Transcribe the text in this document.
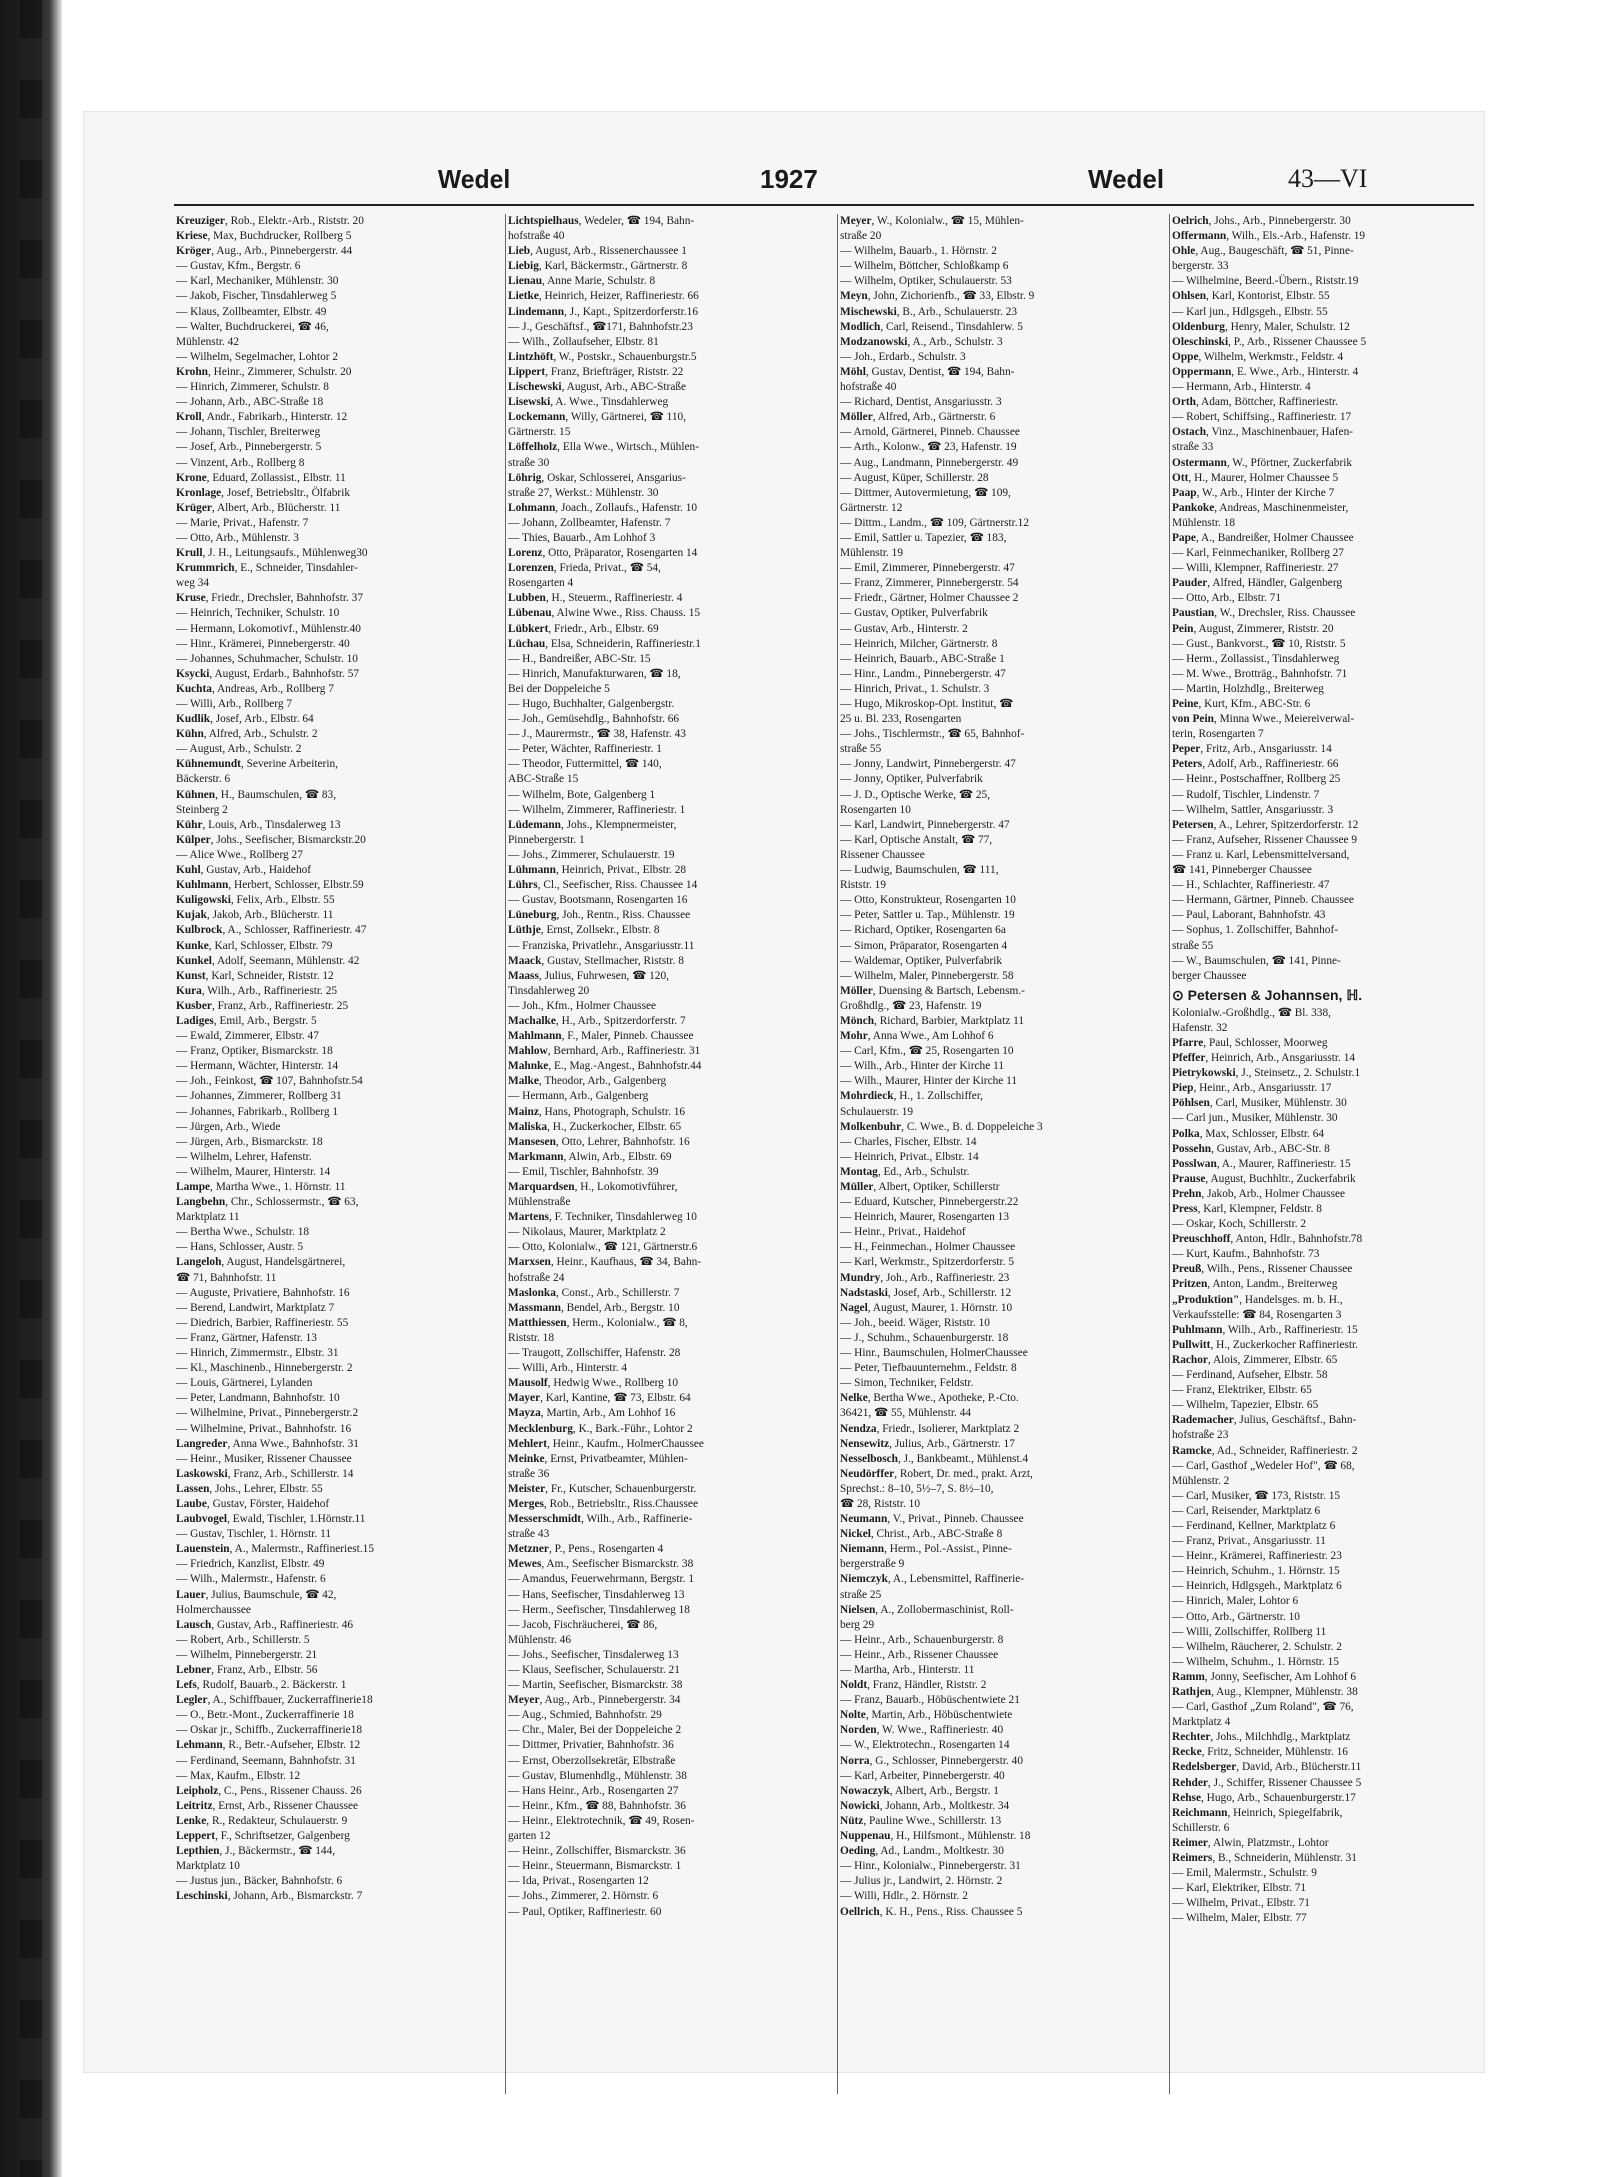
Wedel	1927	Wedel	43—VI
Kreuziger, Rob., Elektr.-Arb., Riststr. 20
Kriese, Max, Buchdrucker, Rollberg 5
Kröger, Aug., Arb., Pinnebergerstr. 44
— Gustav, Kfm., Bergstr. 6
— Karl, Mechaniker, Mühlenstr. 30
— Jakob, Fischer, Tinsdahlerweg 5
— Klaus, Zollbeamter, Elbstr. 49
— Walter, Buchdruckerei, ☎ 46,
Mühlenstr. 42
— Wilhelm, Segelmacher, Lohtor 2
Krohn, Heinr., Zimmerer, Schulstr. 20
— Hinrich, Zimmerer, Schulstr. 8
— Johann, Arb., ABC-Straße 18
Kroll, Andr., Fabrikarb., Hinterstr. 12
— Johann, Tischler, Breiterweg
— Josef, Arb., Pinnebergerstr. 5
— Vinzent, Arb., Rollberg 8
Krone, Eduard, Zollassist., Elbstr. 11
Kronlage, Josef, Betriebsltr., Ölfabrik
Krüger, Albert, Arb., Blücherstr. 11
— Marie, Privat., Hafenstr. 7
— Otto, Arb., Mühlenstr. 3
Krull, J. H., Leitungsaufs., Mühlenweg30
Krummrich, E., Schneider, Tinsdahler-
weg 34
Kruse, Friedr., Drechsler, Bahnhofstr. 37
— Heinrich, Techniker, Schulstr. 10
— Hermann, Lokomotivf., Mühlenstr.40
— Hinr., Krämerei, Pinnebergerstr. 40
— Johannes, Schuhmacher, Schulstr. 10
Ksycki, August, Erdarb., Bahnhofstr. 57
Kuchta, Andreas, Arb., Rollberg 7
— Willi, Arb., Rollberg 7
Kudlik, Josef, Arb., Elbstr. 64
Kühn, Alfred, Arb., Schulstr. 2
— August, Arb., Schulstr. 2
Kühnemundt, Severine Arbeiterin,
Bäckerstr. 6
Kühnen, H., Baumschulen, ☎ 83,
Steinberg 2
Kühr, Louis, Arb., Tinsdalerweg 13
Külper, Johs., Seefischer, Bismarckstr.20
— Alice Wwe., Rollberg 27
Kuhl, Gustav, Arb., Haidehof
Kuhlmann, Herbert, Schlosser, Elbstr.59
Kuligowski, Felix, Arb., Elbstr. 55
Kujak, Jakob, Arb., Blücherstr. 11
Kulbrock, A., Schlosser, Raffineriestr. 47
Kunke, Karl, Schlosser, Elbstr. 79
Kunkel, Adolf, Seemann, Mühlenstr. 42
Kunst, Karl, Schneider, Riststr. 12
Kura, Wilh., Arb., Raffineriestr. 25
Kusber, Franz, Arb., Raffineriestr. 25
Ladiges, Emil, Arb., Bergstr. 5
— Ewald, Zimmerer, Elbstr. 47
— Franz, Optiker, Bismarckstr. 18
— Hermann, Wächter, Hinterstr. 14
— Joh., Feinkost, ☎ 107, Bahnhofstr.54
— Johannes, Zimmerer, Rollberg 31
— Johannes, Fabrikarb., Rollberg 1
— Jürgen, Arb., Wiede
— Jürgen, Arb., Bismarckstr. 18
— Wilhelm, Lehrer, Hafenstr.
— Wilhelm, Maurer, Hinterstr. 14
Lampe, Martha Wwe., 1. Hörnstr. 11
Langbehn, Chr., Schlossermstr., ☎ 63,
Marktplatz 11
— Bertha Wwe., Schulstr. 18
— Hans, Schlosser, Austr. 5
Langeloh, August, Handelsgärtnerei,
☎ 71, Bahnhofstr. 11
— Auguste, Privatiere, Bahnhofstr. 16
— Berend, Landwirt, Marktplatz 7
— Diedrich, Barbier, Raffineriestr. 55
— Franz, Gärtner, Hafenstr. 13
— Hinrich, Zimmermstr., Elbstr. 31
— Kl., Maschinenb., Hinnebergerstr. 2
— Louis, Gärtnerei, Lylanden
— Peter, Landmann, Bahnhofstr. 10
— Wilhelmine, Privat., Pinnebergerstr.2
— Wilhelmine, Privat., Bahnhofstr. 16
Langreder, Anna Wwe., Bahnhofstr. 31
— Heinr., Musiker, Rissener Chaussee
Laskowski, Franz, Arb., Schillerstr. 14
Lassen, Johs., Lehrer, Elbstr. 55
Laube, Gustav, Förster, Haidehof
Laubvogel, Ewald, Tischler, 1.Hörnstr.11
— Gustav, Tischler, 1. Hörnstr. 11
Lauenstein, A., Malermstr., Raffineriest.15
— Friedrich, Kanzlist, Elbstr. 49
— Wilh., Malermstr., Hafenstr. 6
Lauer, Julius, Baumschule, ☎ 42,
Holmerchaussee
Lausch, Gustav, Arb., Raffineriestr. 46
— Robert, Arb., Schillerstr. 5
— Wilhelm, Pinnebergerstr. 21
Lebner, Franz, Arb., Elbstr. 56
Lefs, Rudolf, Bauarb., 2. Bäckerstr. 1
Legler, A., Schiffbauer, Zuckerraffinerie18
— O., Betr.-Mont., Zuckerraffinerie 18
— Oskar jr., Schiffb., Zuckerraffinerie18
Lehmann, R., Betr.-Aufseher, Elbstr. 12
— Ferdinand, Seemann, Bahnhofstr. 31
— Max, Kaufm., Elbstr. 12
Leipholz, C., Pens., Rissener Chauss. 26
Leitritz, Ernst, Arb., Rissener Chaussee
Lenke, R., Redakteur, Schulauerstr. 9
Leppert, F., Schriftsetzer, Galgenberg
Lepthien, J., Bäckermstr., ☎ 144,
Marktplatz 10
— Justus jun., Bäcker, Bahnhofstr. 6
Leschinski, Johann, Arb., Bismarckstr. 7
Lichtspielhaus, Wedeler, ☎ 194, Bahn-
hofstraße 40
Lieb, August, Arb., Rissenerchaussee 1
Liebig, Karl, Bäckermstr., Gärtnerstr. 8
Lienau, Anne Marie, Schulstr. 8
Lietke, Heinrich, Heizer, Raffineriestr. 66
Lindemann, J., Kapt., Spitzerdorferstr.16
— J., Geschäftsf., ☎171, Bahnhofstr.23
— Wilh., Zollaufseher, Elbstr. 81
Lintzhöft, W., Postskr., Schauenburgstr.5
Lippert, Franz, Briefträger, Riststr. 22
Lischewski, August, Arb., ABC-Straße
Lisewski, A. Wwe., Tinsdahlerweg
Lockemann, Willy, Gärtnerei, ☎ 110,
Gärtnerstr. 15
Löffelholz, Ella Wwe., Wirtsch., Mühlen-
straße 30
Löhrig, Oskar, Schlosserei, Ansgarius-
straße 27, Werkst.: Mühlenstr. 30
Lohmann, Joach., Zollaufs., Hafenstr. 10
— Johann, Zollbeamter, Hafenstr. 7
— Thies, Bauarb., Am Lohhof 3
Lorenz, Otto, Präparator, Rosengarten 14
Lorenzen, Frieda, Privat., ☎ 54,
Rosengarten 4
Lubben, H., Steuerm., Raffineriestr. 4
Lübenau, Alwine Wwe., Riss. Chauss. 15
Lübkert, Friedr., Arb., Elbstr. 69
Lüchau, Elsa, Schneiderin, Raffineriestr.1
— H., Bandreißer, ABC-Str. 15
— Hinrich, Manufakturwaren, ☎ 18,
Bei der Doppeleiche 5
— Hugo, Buchhalter, Galgenbergstr.
— Joh., Gemüsehdlg., Bahnhofstr. 66
— J., Maurermstr., ☎ 38, Hafenstr. 43
— Peter, Wächter, Raffineriestr. 1
— Theodor, Futtermittel, ☎ 140,
ABC-Straße 15
— Wilhelm, Bote, Galgenberg 1
— Wilhelm, Zimmerer, Raffineriestr. 1
Lüdemann, Johs., Klempnermeister,
Pinnebergerstr. 1
— Johs., Zimmerer, Schulauerstr. 19
Lühmann, Heinrich, Privat., Elbstr. 28
Lührs, Cl., Seefischer, Riss. Chaussee 14
— Gustav, Bootsmann, Rosengarten 16
Lüneburg, Joh., Rentn., Riss. Chaussee
Lüthje, Ernst, Zollsekr., Elbstr. 8
— Franziska, Privatlehr., Ansgariusstr.11
Maack, Gustav, Stellmacher, Riststr. 8
Maass, Julius, Fuhrwesen, ☎ 120,
Tinsdahlerweg 20
— Joh., Kfm., Holmer Chaussee
Machalke, H., Arb., Spitzerdorferstr. 7
Mahlmann, F., Maler, Pinneb. Chaussee
Mahlow, Bernhard, Arb., Raffineriestr. 31
Mahnke, E., Mag.-Angest., Bahnhofstr.44
Malke, Theodor, Arb., Galgenberg
— Hermann, Arb., Galgenberg
Mainz, Hans, Photograph, Schulstr. 16
Maliska, H., Zuckerkocher, Elbstr. 65
Mansesen, Otto, Lehrer, Bahnhofstr. 16
Markmann, Alwin, Arb., Elbstr. 69
— Emil, Tischler, Bahnhofstr. 39
Marquardsen, H., Lokomotivführer,
Mühlenstraße
Martens, F. Techniker, Tinsdahlerweg 10
— Nikolaus, Maurer, Marktplatz 2
— Otto, Kolonialw., ☎ 121, Gärtnerstr.6
Marxsen, Heinr., Kaufhaus, ☎ 34, Bahn-
hofstraße 24
Maslonka, Const., Arb., Schillerstr. 7
Massmann, Bendel, Arb., Bergstr. 10
Matthiessen, Herm., Kolonialw., ☎ 8,
Riststr. 18
— Traugott, Zollschiffer, Hafenstr. 28
— Willi, Arb., Hinterstr. 4
Mausolf, Hedwig Wwe., Rollberg 10
Mayer, Karl, Kantine, ☎ 73, Elbstr. 64
Mayza, Martin, Arb., Am Lohhof 16
Mecklenburg, K., Bark.-Führ., Lohtor 2
Mehlert, Heinr., Kaufm., HolmerChaussee
Meinke, Ernst, Privatbeamter, Mühlen-
straße 36
Meister, Fr., Kutscher, Schauenburgerstr.
Merges, Rob., Betriebsltr., Riss.Chaussee
Messerschmidt, Wilh., Arb., Raffinerie-
straße 43
Metzner, P., Pens., Rosengarten 4
Mewes, Am., Seefischer Bismarckstr. 38
— Amandus, Feuerwehrmann, Bergstr. 1
— Hans, Seefischer, Tinsdahlerweg 13
— Herm., Seefischer, Tinsdahlerweg 18
— Jacob, Fischräucherei, ☎ 86,
Mühlenstr. 46
— Johs., Seefischer, Tinsdalerweg 13
— Klaus, Seefischer, Schulauerstr. 21
— Martin, Seefischer, Bismarckstr. 38
Meyer, Aug., Arb., Pinnebergerstr. 34
— Aug., Schmied, Bahnhofstr. 29
— Chr., Maler, Bei der Doppeleiche 2
— Dittmer, Privatier, Bahnhofstr. 36
— Ernst, Oberzollsekretär, Elbstraße
— Gustav, Blumenhdlg., Mühlenstr. 38
— Hans Heinr., Arb., Rosengarten 27
— Heinr., Kfm., ☎ 88, Bahnhofstr. 36
— Heinr., Elektrotechnik, ☎ 49, Rosen-
garten 12
— Heinr., Zollschiffer, Bismarckstr. 36
— Heinr., Steuermann, Bismarckstr. 1
— Ida, Privat., Rosengarten 12
— Johs., Zimmerer, 2. Hörnstr. 6
— Paul, Optiker, Raffineriestr. 60
Meyer, W., Kolonialw., ☎ 15, Mühlen-
straße 20
— Wilhelm, Bauarb., 1. Hörnstr. 2
— Wilhelm, Böttcher, Schloßkamp 6
— Wilhelm, Optiker, Schulauerstr. 53
Meyn, John, Zichorienfb., ☎ 33, Elbstr. 9
Mischewski, B., Arb., Schulauerstr. 23
Modlich, Carl, Reisend., Tinsdahlerw. 5
Modzanowski, A., Arb., Schulstr. 3
— Joh., Erdarb., Schulstr. 3
Möhl, Gustav, Dentist, ☎ 194, Bahn-
hofstraße 40
— Richard, Dentist, Ansgariusstr. 3
Möller, Alfred, Arb., Gärtnerstr. 6
— Arnold, Gärtnerei, Pinneb. Chaussee
— Arth., Kolonw., ☎ 23, Hafenstr. 19
— Aug., Landmann, Pinnebergerstr. 49
— August, Küper, Schillerstr. 28
— Dittmer, Autovermietung, ☎ 109,
Gärtnerstr. 12
— Dittm., Landm., ☎ 109, Gärtnerstr.12
— Emil, Sattler u. Tapezier, ☎ 183,
Mühlenstr. 19
— Emil, Zimmerer, Pinnebergerstr. 47
— Franz, Zimmerer, Pinnebergerstr. 54
— Friedr., Gärtner, Holmer Chaussee 2
— Gustav, Optiker, Pulverfabrik
— Gustav, Arb., Hinterstr. 2
— Heinrich, Milcher, Gärtnerstr. 8
— Heinrich, Bauarb., ABC-Straße 1
— Hinr., Landm., Pinnebergerstr. 47
— Hinrich, Privat., 1. Schulstr. 3
— Hugo, Mikroskop-Opt. Institut, ☎
25 u. Bl. 233, Rosengarten
— Johs., Tischlermstr., ☎ 65, Bahnhof-
straße 55
— Jonny, Landwirt, Pinnebergerstr. 47
— Jonny, Optiker, Pulverfabrik
— J. D., Optische Werke, ☎ 25,
Rosengarten 10
— Karl, Landwirt, Pinnebergerstr. 47
— Karl, Optische Anstalt, ☎ 77,
Rissener Chaussee
— Ludwig, Baumschulen, ☎ 111,
Riststr. 19
— Otto, Konstrukteur, Rosengarten 10
— Peter, Sattler u. Tap., Mühlenstr. 19
— Richard, Optiker, Rosengarten 6a
— Simon, Präparator, Rosengarten 4
— Waldemar, Optiker, Pulverfabrik
— Wilhelm, Maler, Pinnebergerstr. 58
Möller, Duensing & Bartsch, Lebensm.-
Großhdlg., ☎ 23, Hafenstr. 19
Mönch, Richard, Barbier, Marktplatz 11
Mohr, Anna Wwe., Am Lohhof 6
— Carl, Kfm., ☎ 25, Rosengarten 10
— Wilh., Arb., Hinter der Kirche 11
— Wilh., Maurer, Hinter der Kirche 11
Mohrdieck, H., 1. Zollschiffer,
Schulauerstr. 19
Molkenbuhr, C. Wwe., B. d. Doppeleiche 3
— Charles, Fischer, Elbstr. 14
— Heinrich, Privat., Elbstr. 14
Montag, Ed., Arb., Schulstr.
Müller, Albert, Optiker, Schillerstr
— Eduard, Kutscher, Pinnebergerstr.22
— Heinrich, Maurer, Rosengarten 13
— Heinr., Privat., Haidehof
— H., Feinmechan., Holmer Chaussee
— Karl, Werkmstr., Spitzerdorferstr. 5
Mundry, Joh., Arb., Raffineriestr. 23
Nadstaski, Josef, Arb., Schillerstr. 12
Nagel, August, Maurer, 1. Hörnstr. 10
— Joh., beeid. Wäger, Riststr. 10
— J., Schuhm., Schauenburgerstr. 18
— Hinr., Baumschulen, HolmerChaussee
— Peter, Tiefbauunternehm., Feldstr. 8
— Simon, Techniker, Feldstr.
Nelke, Bertha Wwe., Apotheke, P.-Cto.
36421, ☎ 55, Mühlenstr. 44
Nendza, Friedr., Isolierer, Marktplatz 2
Nensewitz, Julius, Arb., Gärtnerstr. 17
Nesselbosch, J., Bankbeamt., Mühlenst.4
Neudörffer, Robert, Dr. med., prakt. Arzt,
Sprechst.: 8–10, 5½–7, S. 8½–10,
☎ 28, Riststr. 10
Neumann, V., Privat., Pinneb. Chaussee
Nickel, Christ., Arb., ABC-Straße 8
Niemann, Herm., Pol.-Assist., Pinne-
bergerstraße 9
Niemczyk, A., Lebensmittel, Raffinerie-
straße 25
Nielsen, A., Zollobermaschinist, Roll-
berg 29
— Heinr., Arb., Schauenburgerstr. 8
— Heinr., Arb., Rissener Chaussee
— Martha, Arb., Hinterstr. 11
Noldt, Franz, Händler, Riststr. 2
— Franz, Bauarb., Höbüschentwiete 21
Nolte, Martin, Arb., Höbüschentwiete
Norden, W. Wwe., Raffineriestr. 40
— W., Elektrotechn., Rosengarten 14
Norra, G., Schlosser, Pinnebergerstr. 40
— Karl, Arbeiter, Pinnebergerstr. 40
Nowaczyk, Albert, Arb., Bergstr. 1
Nowicki, Johann, Arb., Moltkestr. 34
Nütz, Pauline Wwe., Schillerstr. 13
Nuppenau, H., Hilfsmont., Mühlenstr. 18
Oeding, Ad., Landm., Moltkestr. 30
— Hinr., Kolonialw., Pinnebergerstr. 31
— Julius jr., Landwirt, 2. Hörnstr. 2
— Willi, Hdlr., 2. Hörnstr. 2
Oellrich, K. H., Pens., Riss. Chaussee 5
Oelrich, Johs., Arb., Pinnebergerstr. 30
Offermann, Wilh., Els.-Arb., Hafenstr. 19
Ohle, Aug., Baugeschäft, ☎ 51, Pinne-
bergerstr. 33
— Wilhelmine, Beerd.-Übern., Riststr.19
Ohlsen, Karl, Kontorist, Elbstr. 55
— Karl jun., Hdlgsgeh., Elbstr. 55
Oldenburg, Henry, Maler, Schulstr. 12
Oleschinski, P., Arb., Rissener Chaussee 5
Oppe, Wilhelm, Werkmstr., Feldstr. 4
Oppermann, E. Wwe., Arb., Hinterstr. 4
— Hermann, Arb., Hinterstr. 4
Orth, Adam, Böttcher, Raffineriestr.
— Robert, Schiffsing., Raffineriestr. 17
Ostach, Vinz., Maschinenbauer, Hafen-
straße 33
Ostermann, W., Pförtner, Zuckerfabrik
Ott, H., Maurer, Holmer Chaussee 5
Paap, W., Arb., Hinter der Kirche 7
Pankoke, Andreas, Maschinenmeister,
Mühlenstr. 18
Pape, A., Bandreißer, Holmer Chaussee
— Karl, Feinmechaniker, Rollberg 27
— Willi, Klempner, Raffineriestr. 27
Pauder, Alfred, Händler, Galgenberg
— Otto, Arb., Elbstr. 71
Paustian, W., Drechsler, Riss. Chaussee
Pein, August, Zimmerer, Riststr. 20
— Gust., Bankvorst., ☎ 10, Riststr. 5
— Herm., Zollassist., Tinsdahlerweg
— M. Wwe., Brotträg., Bahnhofstr. 71
— Martin, Holzhdlg., Breiterweg
Peine, Kurt, Kfm., ABC-Str. 6
von Pein, Minna Wwe., Meiereiverwal-
terin, Rosengarten 7
Peper, Fritz, Arb., Ansgariusstr. 14
Peters, Adolf, Arb., Raffineriestr. 66
— Heinr., Postschaffner, Rollberg 25
— Rudolf, Tischler, Lindenstr. 7
— Wilhelm, Sattler, Ansgariusstr. 3
Petersen, A., Lehrer, Spitzerdorferstr. 12
— Franz, Aufseher, Rissener Chaussee 9
— Franz u. Karl, Lebensmittelversand,
☎ 141, Pinneberger Chaussee
— H., Schlachter, Raffineriestr. 47
— Hermann, Gärtner, Pinneb. Chaussee
— Paul, Laborant, Bahnhofstr. 43
— Sophus, 1. Zollschiffer, Bahnhof-
straße 55
— W., Baumschulen, ☎ 141, Pinne-
berger Chaussee
⊙ Petersen & Johannsen, ℍ.
Kolonialw.-Großhdlg., ☎ Bl. 338,
Hafenstr. 32
Pfarre, Paul, Schlosser, Moorweg
Pfeffer, Heinrich, Arb., Ansgariusstr. 14
Pietrykowski, J., Steinsetz., 2. Schulstr.1
Piep, Heinr., Arb., Ansgariusstr. 17
Pöhlsen, Carl, Musiker, Mühlenstr. 30
— Carl jun., Musiker, Mühlenstr. 30
Polka, Max, Schlosser, Elbstr. 64
Possehn, Gustav, Arb., ABC-Str. 8
Posslwan, A., Maurer, Raffineriestr. 15
Prause, August, Buchhltr., Zuckerfabrik
Prehn, Jakob, Arb., Holmer Chaussee
Press, Karl, Klempner, Feldstr. 8
— Oskar, Koch, Schillerstr. 2
Preuschhoff, Anton, Hdlr., Bahnhofstr.78
— Kurt, Kaufm., Bahnhofstr. 73
Preuß, Wilh., Pens., Rissener Chaussee
Pritzen, Anton, Landm., Breiterweg
„Produktion", Handelsges. m. b. H.,
Verkaufsstelle: ☎ 84, Rosengarten 3
Puhlmann, Wilh., Arb., Raffineriestr. 15
Pullwitt, H., Zuckerkocher Raffineriestr.
Rachor, Alois, Zimmerer, Elbstr. 65
— Ferdinand, Aufseher, Elbstr. 58
— Franz, Elektriker, Elbstr. 65
— Wilhelm, Tapezier, Elbstr. 65
Rademacher, Julius, Geschäftsf., Bahn-
hofstraße 23
Ramcke, Ad., Schneider, Raffineriestr. 2
— Carl, Gasthof „Wedeler Hof", ☎ 68,
Mühlenstr. 2
— Carl, Musiker, ☎ 173, Riststr. 15
— Carl, Reisender, Marktplatz 6
— Ferdinand, Kellner, Marktplatz 6
— Franz, Privat., Ansgariusstr. 11
— Heinr., Krämerei, Raffineriestr. 23
— Heinrich, Schuhm., 1. Hörnstr. 15
— Heinrich, Hdlgsgeh., Marktplatz 6
— Hinrich, Maler, Lohtor 6
— Otto, Arb., Gärtnerstr. 10
— Willi, Zollschiffer, Rollberg 11
— Wilhelm, Räucherer, 2. Schulstr. 2
— Wilhelm, Schuhm., 1. Hörnstr. 15
Ramm, Jonny, Seefischer, Am Lohhof 6
Rathjen, Aug., Klempner, Mühlenstr. 38
— Carl, Gasthof „Zum Roland", ☎ 76,
Marktplatz 4
Rechter, Johs., Milchhdlg., Marktplatz
Recke, Fritz, Schneider, Mühlenstr. 16
Redelsberger, David, Arb., Blücherstr.11
Rehder, J., Schiffer, Rissener Chaussee 5
Rehse, Hugo, Arb., Schauenburgerstr.17
Reichmann, Heinrich, Spiegelfabrik,
Schillerstr. 6
Reimer, Alwin, Platzmstr., Lohtor
Reimers, B., Schneiderin, Mühlenstr. 31
— Emil, Malermstr., Schulstr. 9
— Karl, Elektriker, Elbstr. 71
— Wilhelm, Privat., Elbstr. 71
— Wilhelm, Maler, Elbstr. 77
